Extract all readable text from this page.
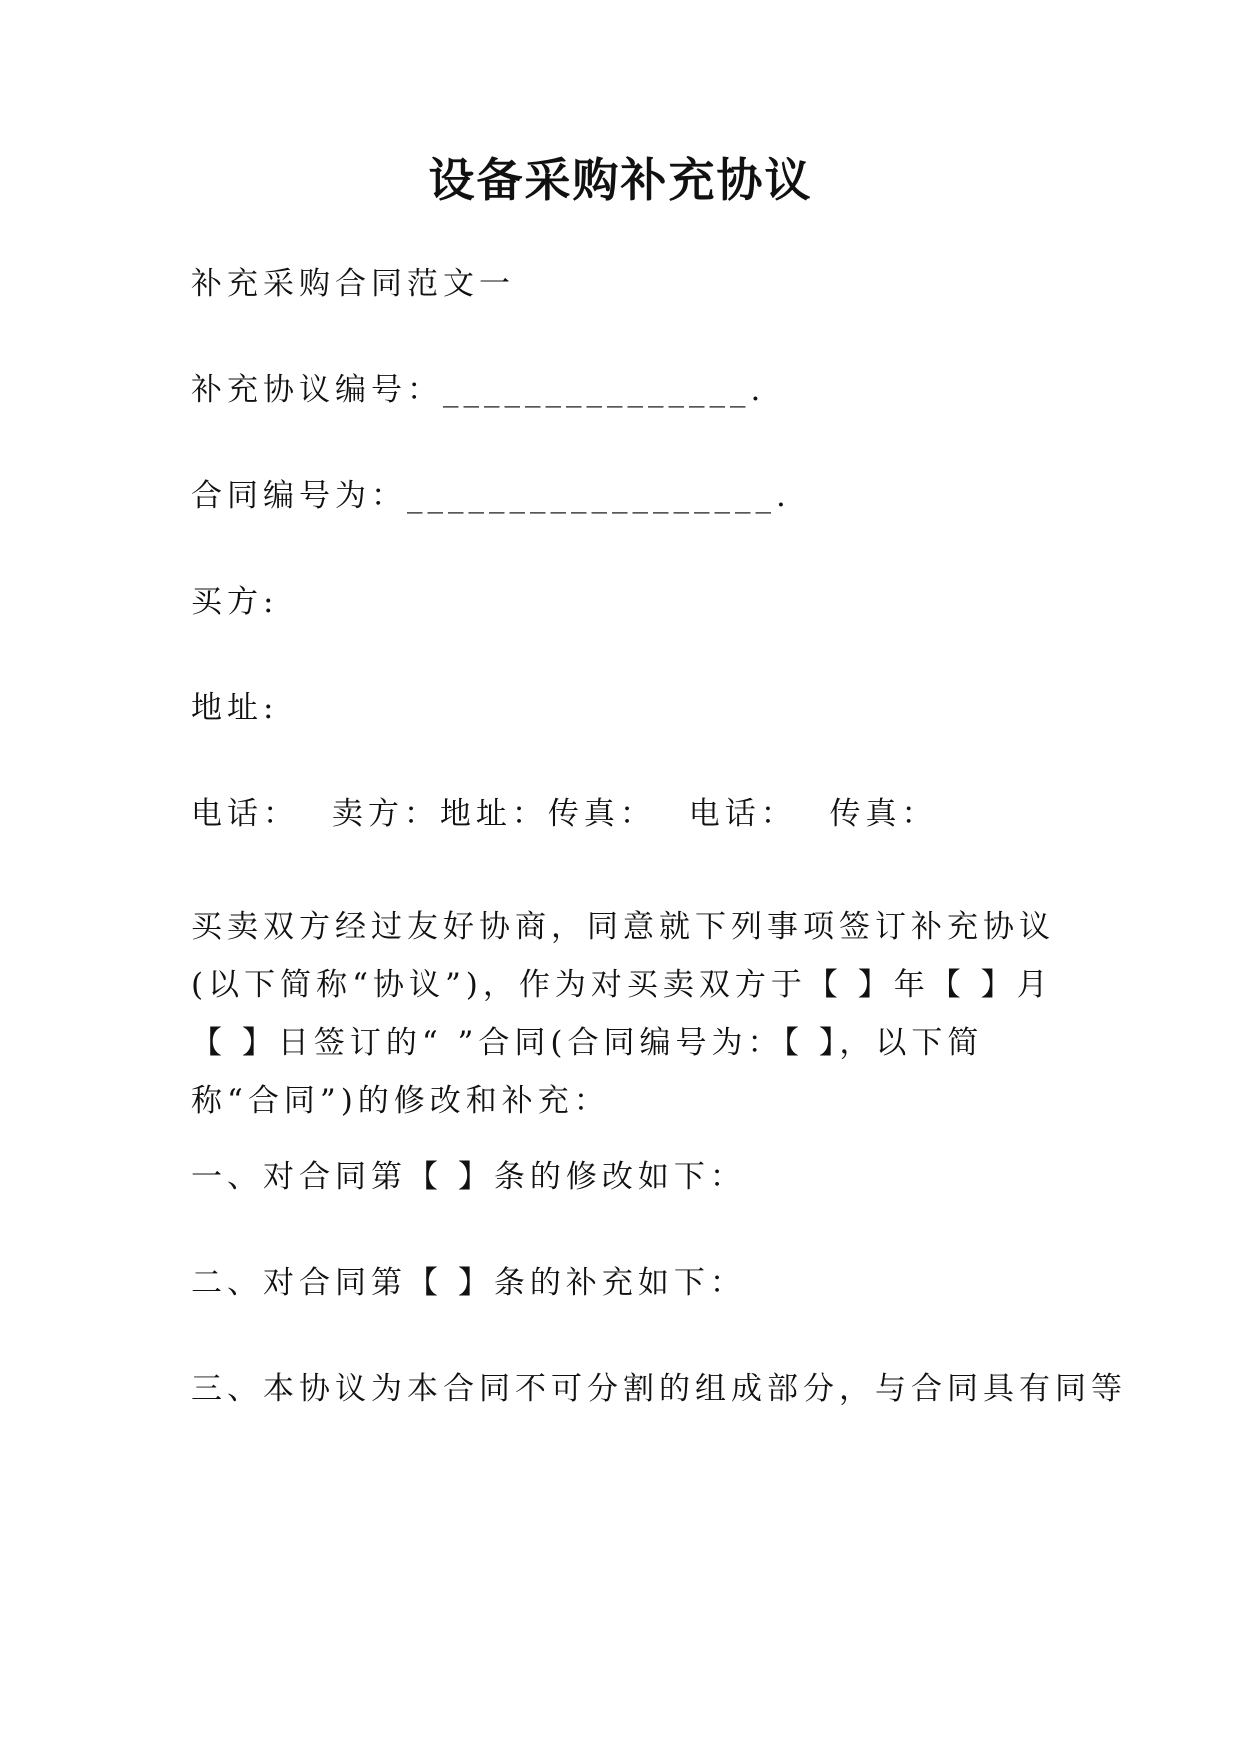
设备采购补充协议

补充采购合同范文一

补充协议编号：_______________.

合同编号为：__________________.

买方:

地址:

电话： 卖方：地址：传真： 电话： 传真：

买卖双方经过友好协商，同意就下列事项签订补充协议(以下简称“协议”)，作为对买卖双方于【 】年【 】月【 】日签订的“ ”合同(合同编号为：【 】，以下简称“合同”)的修改和补充：

一、对合同第【 】条的修改如下：

二、对合同第【 】条的补充如下：

三、本协议为本合同不可分割的组成部分，与合同具有同等
